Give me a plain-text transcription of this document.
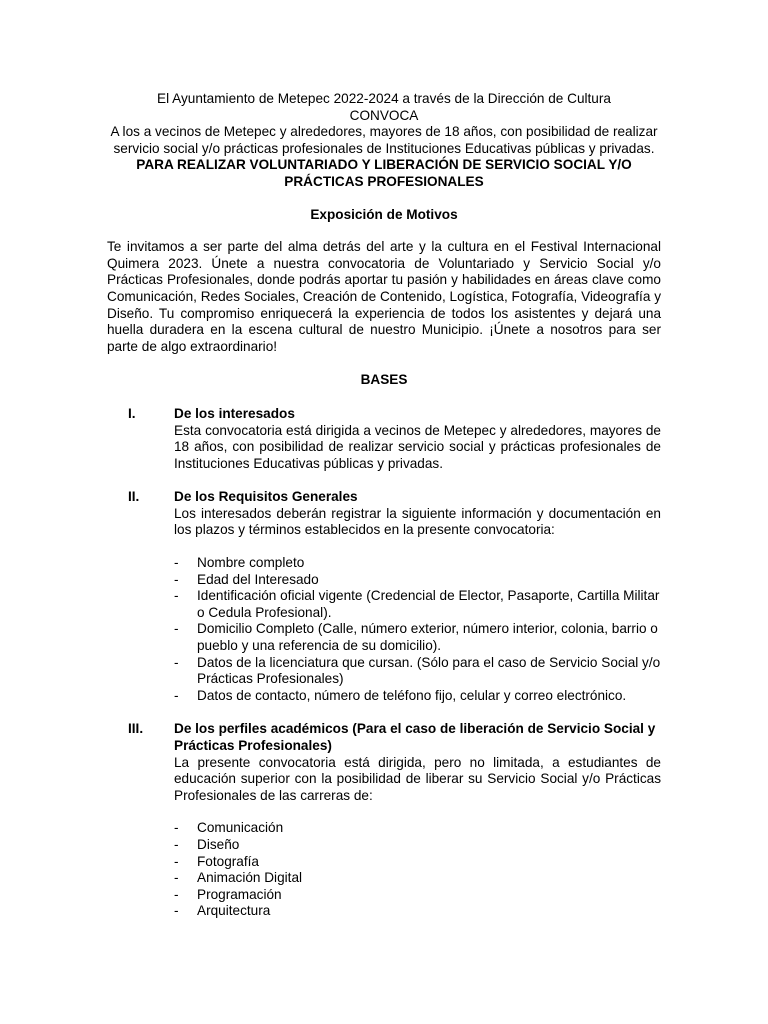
El Ayuntamiento de Metepec 2022-2024 a través de la Dirección de Cultura

CONVOCA

A los a vecinos de Metepec y alrededores, mayores de 18 años, con posibilidad de realizar servicio social y/o prácticas profesionales de Instituciones Educativas públicas y privadas.

PARA REALIZAR VOLUNTARIADO Y LIBERACIÓN DE SERVICIO SOCIAL Y/O PRÁCTICAS PROFESIONALES

Exposición de Motivos

Te invitamos a ser parte del alma detrás del arte y la cultura en el Festival Internacional Quimera 2023. Únete a nuestra convocatoria de Voluntariado y Servicio Social y/o Prácticas Profesionales, donde podrás aportar tu pasión y habilidades en áreas clave como Comunicación, Redes Sociales, Creación de Contenido, Logística, Fotografía, Videografía y Diseño. Tu compromiso enriquecerá la experiencia de todos los asistentes y dejará una huella duradera en la escena cultural de nuestro Municipio. ¡Únete a nosotros para ser parte de algo extraordinario!

BASES

I.	De los interesados

Esta convocatoria está dirigida a vecinos de Metepec y alrededores, mayores de 18 años, con posibilidad de realizar servicio social y prácticas profesionales de Instituciones Educativas públicas y privadas.

II.	De los Requisitos Generales

Los interesados deberán registrar la siguiente información y documentación en los plazos y términos establecidos en la presente convocatoria:

-	Nombre completo
-	Edad del Interesado
-	Identificación oficial vigente (Credencial de Elector, Pasaporte, Cartilla Militar o Cedula Profesional).
-	Domicilio Completo (Calle, número exterior, número interior, colonia, barrio o pueblo y una referencia de su domicilio).
-	Datos de la licenciatura que cursan. (Sólo para el caso de Servicio Social y/o Prácticas Profesionales)
-	Datos de contacto, número de teléfono fijo, celular y correo electrónico.
III.	De los perfiles académicos (Para el caso de liberación de Servicio Social y Prácticas Profesionales)

La presente convocatoria está dirigida, pero no limitada, a estudiantes de educación superior con la posibilidad de liberar su Servicio Social y/o Prácticas Profesionales de las carreras de:

-	Comunicación
-	Diseño
-	Fotografía
-	Animación Digital
-	Programación
-	Arquitectura
